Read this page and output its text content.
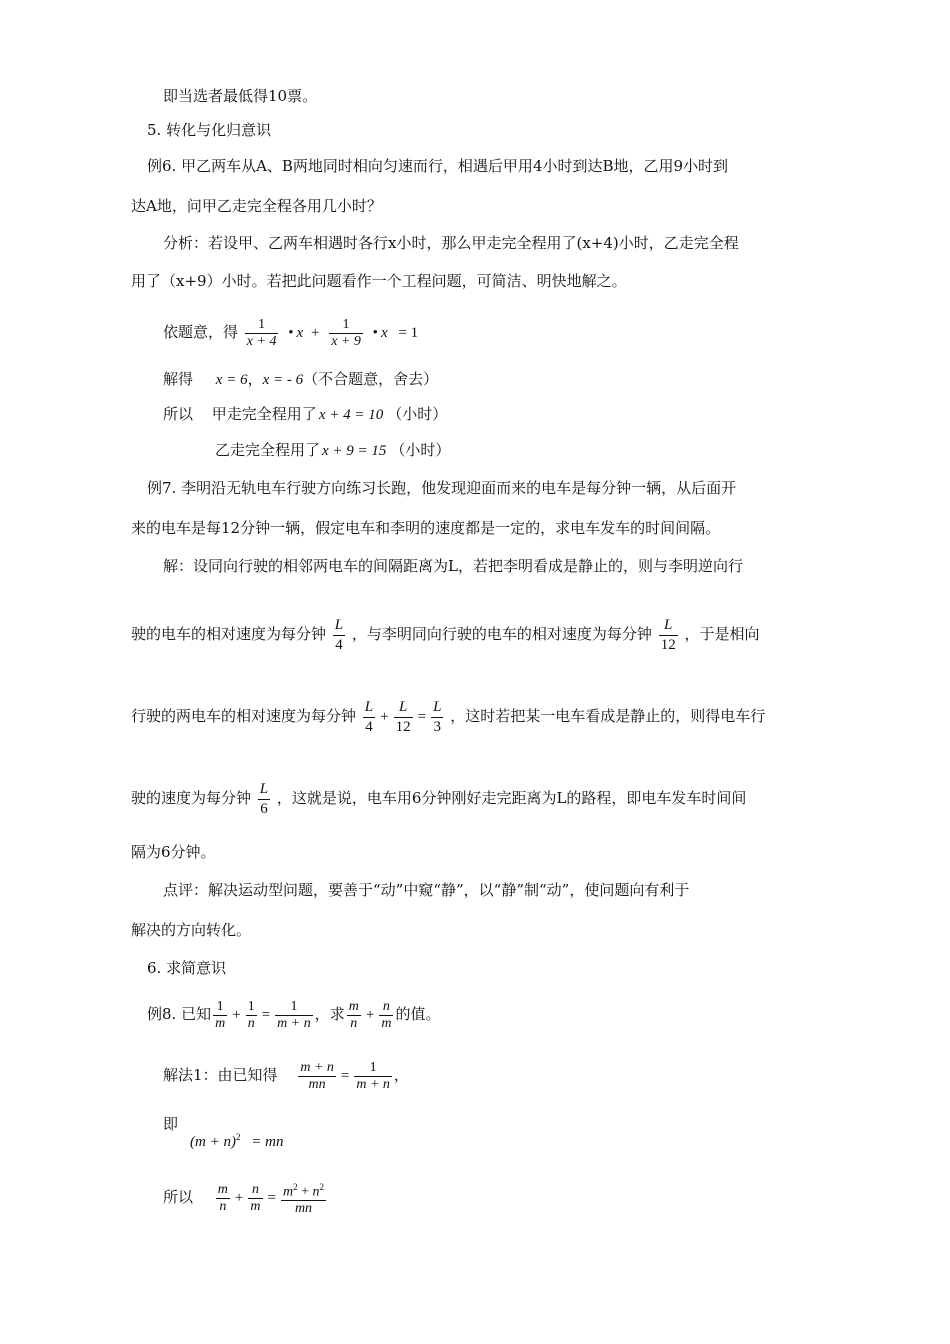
即当选者最低得10票。
5. 转化与化归意识
例6. 甲乙两车从A、B两地同时相向匀速而行，相遇后甲用4小时到达B地，乙用9小时到
达A地，问甲乙走完全程各用几小时？
分析：若设甲、乙两车相遇时各行x小时，那么甲走完全程用了(x+4)小时，乙走完全程
用了（x+9）小时。若把此问题看作一个工程问题，可简洁、明快地解之。
依题意，得 $\frac{1}{x + 4}$ • $x + \frac{1}{x + 9}$ • x = 1
解得 x = 6，x = - 6（不合题意，舍去）
所以 甲走完全程用了 x + 4 = 10 （小时）
乙走完全程用了 x + 9 = 15 （小时）
例7. 李明沿无轨电车行驶方向练习长跑，他发现迎面而来的电车是每分钟一辆，从后面开
来的电车是每12分钟一辆，假定电车和李明的速度都是一定的，求电车发车的时间间隔。
解：设同向行驶的相邻两电车的间隔距离为L，若把李明看成是静止的，则与李明逆向行
驶的电车的相对速度为每分钟 $\frac{L}{4}$ ，与李明同向行驶的电车的相对速度为每分钟 $\frac{L}{12}$ ，于是相向
行驶的两电车的相对速度为每分钟 $\frac{L}{4} + \frac{L}{12} = \frac{L}{3}$ ，这时若把某一电车看成是静止的，则得电车行
驶的速度为每分钟 $\frac{L}{6}$ ，这就是说，电车用6分钟刚好走完距离为L的路程，即电车发车时间间
隔为6分钟。
点评：解决运动型问题，要善于“动”中窥“静”，以“静”制“动”，使问题向有利于
解决的方向转化。
6. 求简意识
例8. 已知 $\frac{1}{m} + \frac{1}{n} = \frac{1}{m + n}$ ，求 $\frac{m}{n} + \frac{n}{m}$ 的值。
解法1：由已知得 $\frac{m + n}{mn} = \frac{1}{m + n}$ ，
即
$(m + n)^2$ = mn
所以 $\frac{m}{n} + \frac{n}{m} = \frac{m^2 + n^2}{mn}$
